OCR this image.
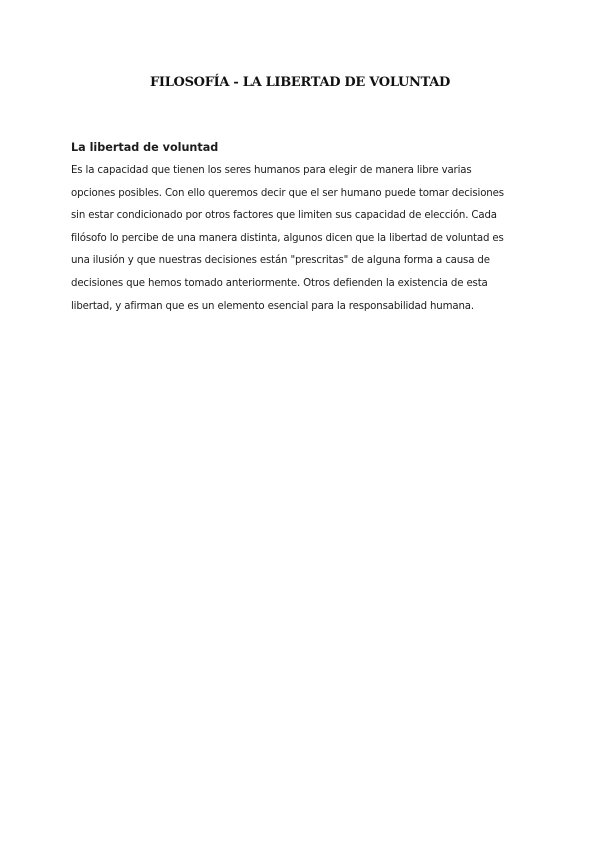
FILOSOFÍA - LA LIBERTAD DE VOLUNTAD
La libertad de voluntad

Es la capacidad que tienen los seres humanos para elegir de manera libre varias

opciones posibles. Con ello queremos decir que el ser humano puede tomar decisiones

sin estar condicionado por otros factores que limiten sus capacidad de elección. Cada

filósofo lo percibe de una manera distinta, algunos dicen que la libertad de voluntad es

una ilusión y que nuestras decisiones están "prescritas" de alguna forma a causa de

decisiones que hemos tomado anteriormente. Otros defienden la existencia de esta

libertad, y afirman que es un elemento esencial para la responsabilidad humana.
